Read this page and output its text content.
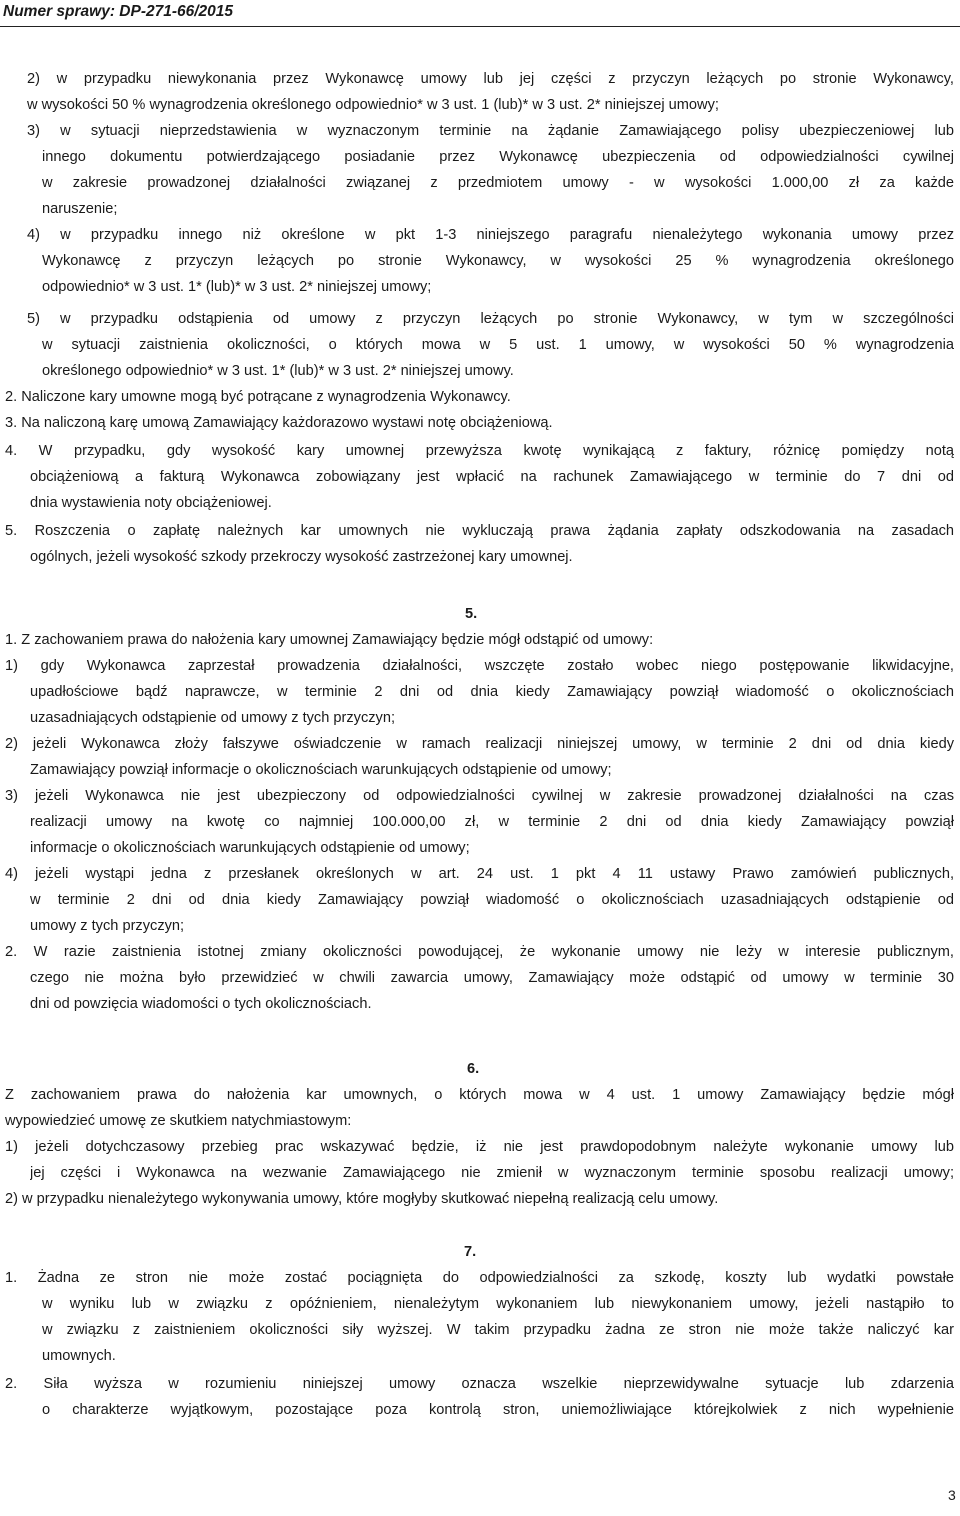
Numer sprawy: DP-271-66/2015
2) w przypadku niewykonania przez Wykonawcę umowy lub jej części z przyczyn leżących po stronie Wykonawcy,
w wysokości 50 % wynagrodzenia określonego odpowiednio* w 3 ust. 1 (lub)* w 3 ust. 2* niniejszej umowy;
3) w sytuacji nieprzedstawienia w wyznaczonym terminie na żądanie Zamawiającego polisy ubezpieczeniowej lub
innego dokumentu potwierdzającego posiadanie przez Wykonawcę ubezpieczenia od odpowiedzialności cywilnej
w zakresie prowadzonej działalności związanej z przedmiotem umowy - w wysokości 1.000,00 zł za każde
naruszenie;
4) w przypadku innego niż określone w pkt 1-3 niniejszego paragrafu nienależytego wykonania umowy przez
Wykonawcę z przyczyn leżących po stronie Wykonawcy, w wysokości 25 % wynagrodzenia określonego
odpowiednio* w 3 ust. 1* (lub)* w 3 ust. 2* niniejszej umowy;
5) w przypadku odstąpienia od umowy z przyczyn leżących po stronie Wykonawcy, w tym w szczególności
w sytuacji zaistnienia okoliczności, o których mowa w 5 ust. 1 umowy, w wysokości 50 % wynagrodzenia
określonego odpowiednio* w 3 ust. 1* (lub)* w 3 ust. 2* niniejszej umowy.
2. Naliczone kary umowne mogą być potrącane z wynagrodzenia Wykonawcy.
3. Na naliczoną karę umową Zamawiający każdorazowo wystawi notę obciążeniową.
4. W przypadku, gdy wysokość kary umownej przewyższa kwotę wynikającą z faktury, różnicę pomiędzy notą
obciążeniową a fakturą Wykonawca zobowiązany jest wpłacić na rachunek Zamawiającego w terminie do 7 dni od
dnia wystawienia noty obciążeniowej.
5. Roszczenia o zapłatę należnych kar umownych nie wykluczają prawa żądania zapłaty odszkodowania na zasadach
ogólnych, jeżeli wysokość szkody przekroczy wysokość zastrzeżonej kary umownej.
5.
1. Z zachowaniem prawa do nałożenia kary umownej Zamawiający będzie mógł odstąpić od umowy:
1) gdy Wykonawca zaprzestał prowadzenia działalności, wszczęte zostało wobec niego postępowanie likwidacyjne,
upadłościowe bądź naprawcze, w terminie 2 dni od dnia kiedy Zamawiający powziął wiadomość o okolicznościach
uzasadniających odstąpienie od umowy z tych przyczyn;
2) jeżeli Wykonawca złoży fałszywe oświadczenie w ramach realizacji niniejszej umowy, w terminie 2 dni od dnia kiedy
Zamawiający powziął informacje o okolicznościach warunkujących odstąpienie od umowy;
3) jeżeli Wykonawca nie jest ubezpieczony od odpowiedzialności cywilnej w zakresie prowadzonej działalności na czas
realizacji umowy na kwotę co najmniej 100.000,00 zł, w terminie 2 dni od dnia kiedy Zamawiający powziął
informacje o okolicznościach warunkujących odstąpienie od umowy;
4) jeżeli wystąpi jedna z przesłanek określonych w art. 24 ust. 1 pkt 4 11 ustawy Prawo zamówień publicznych,
w terminie 2 dni od dnia kiedy Zamawiający powziął wiadomość o okolicznościach uzasadniających odstąpienie od
umowy z tych przyczyn;
2. W razie zaistnienia istotnej zmiany okoliczności powodującej, że wykonanie umowy nie leży w interesie publicznym,
czego nie można było przewidzieć w chwili zawarcia umowy, Zamawiający może odstąpić od umowy w terminie 30
dni od powzięcia wiadomości o tych okolicznościach.
6.
Z zachowaniem prawa do nałożenia kar umownych, o których mowa w 4 ust. 1 umowy Zamawiający będzie mógł
wypowiedzieć umowę ze skutkiem natychmiastowym:
1) jeżeli dotychczasowy przebieg prac wskazywać będzie, iż nie jest prawdopodobnym należyte wykonanie umowy lub
jej części i Wykonawca na wezwanie Zamawiającego nie zmienił w wyznaczonym terminie sposobu realizacji umowy;
2) w przypadku nienależytego wykonywania umowy, które mogłyby skutkować niepełną realizacją celu umowy.
7.
1. Żadna ze stron nie może zostać pociągnięta do odpowiedzialności za szkodę, koszty lub wydatki powstałe
w wyniku lub w związku z opóźnieniem, nienależytym wykonaniem lub niewykonaniem umowy, jeżeli nastąpiło to
w związku z zaistnieniem okoliczności siły wyższej. W takim przypadku żadna ze stron nie może także naliczyć kar
umownych.
2. Siła wyższa w rozumieniu niniejszej umowy oznacza wszelkie nieprzewidywalne sytuacje lub zdarzenia
o charakterze wyjątkowym, pozostające poza kontrolą stron, uniemożliwiające którejkolwiek z nich wypełnienie
3
